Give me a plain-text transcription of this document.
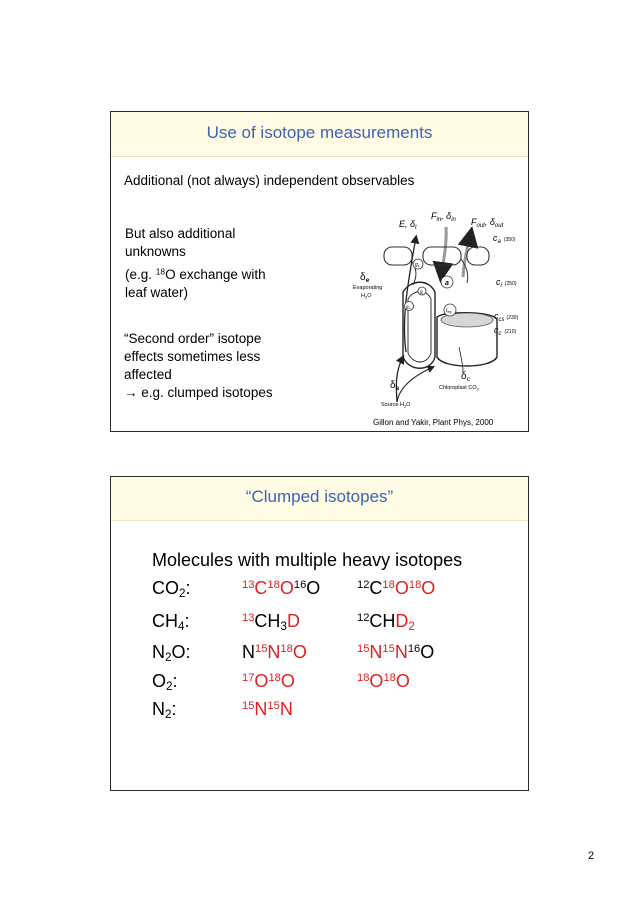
Use of isotope measurements
Additional (not always) independent observables
But also additional
unknowns
(e.g. $^{18}$O exchange with
leaf water)
“Second order” isotope
effects sometimes less
affected
→ e.g. clumped isotopes
E, $\delta_t$
$F_{in}$, $\delta_{in}$ $F_{out}$, $\delta_{out}$
$c_a$ $^{(350)}$
$c_i$ $^{(250)}$
$c_{cs}$ $^{(230)}$
$c_c$ $^{(210)}$
$g_s$
a
$g_i$
$g_w$	$t_{eq}$
$\delta_e$
Evaporating
$H_2O$
$\delta_c$
Chloroplast $CO_2$
$\delta_s$
Source $H_2O$
Gillon and Yakir, Plant Phys, 2000
“Clumped isotopes”
Molecules with multiple heavy isotopes
$CO_2$:	$^{13}C^{18}O^{16}O$	$^{12}C^{18}O^{18}O$
$CH_4$:	$^{13}CH_3D$	$^{12}CHD_2$
$N_2O$:	$N^{15}N^{18}O$	$^{15}N^{15}N^{16}O$
$O_2$:	$^{17}O^{18}O$	$^{18}O^{18}O$
$N_2$:	$^{15}N^{15}N$
2
